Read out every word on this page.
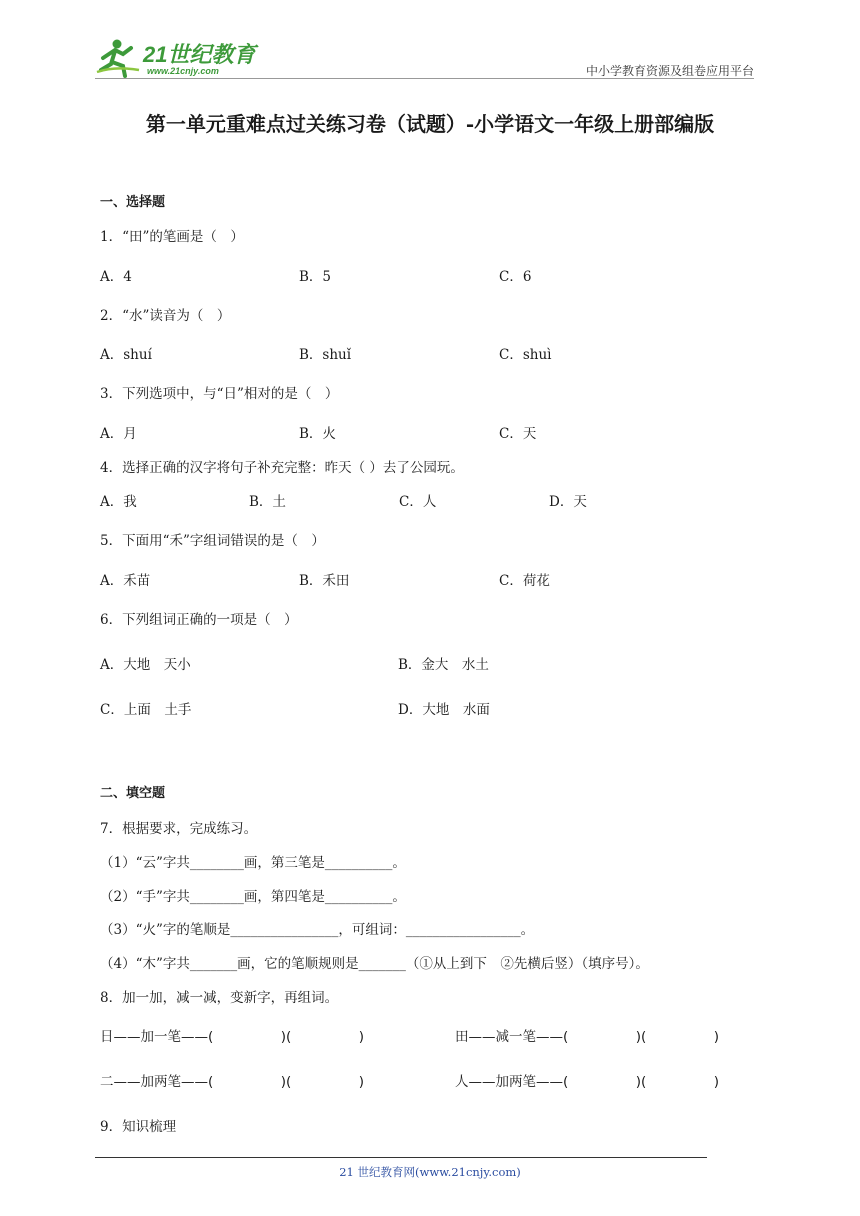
21世纪教育
www.21cnjy.com	中小学教育资源及组卷应用平台
第一单元重难点过关练习卷（试题）-小学语文一年级上册部编版
一、选择题
1．“田”的笔画是（　）
A．4	B．5	C．6
2．“水”读音为（　）
A．shuí	B．shuǐ	C．shuì
3．下列选项中，与“日”相对的是（　）
A．月	B．火	C．天
4．选择正确的汉字将句子补充完整：昨天（ ）去了公园玩。
A．我	B．土	C．人	D．天
5．下面用“禾”字组词错误的是（　）
A．禾苗	B．禾田	C．荷花
6．下列组词正确的一项是（　）
A．大地　天小	B．金大　水土
C．上面　土手	D．大地　水面
二、填空题
7．根据要求，完成练习。
（1）“云”字共________画，第三笔是__________。
（2）“手”字共________画，第四笔是__________。
（3）“火”字的笔顺是________________，可组词：_________________。
（4）“木”字共_______画，它的笔顺规则是_______（①从上到下　②先横后竖）（填序号）。
8．加一加，减一减，变新字，再组词。
日——加一笔——(　　　　　)(　　　　　)	田——减一笔——(　　　　　)(　　　　　)
二——加两笔——(　　　　　)(　　　　　)	人——加两笔——(　　　　　)(　　　　　)
9．知识梳理
21 世纪教育网(www.21cnjy.com)
